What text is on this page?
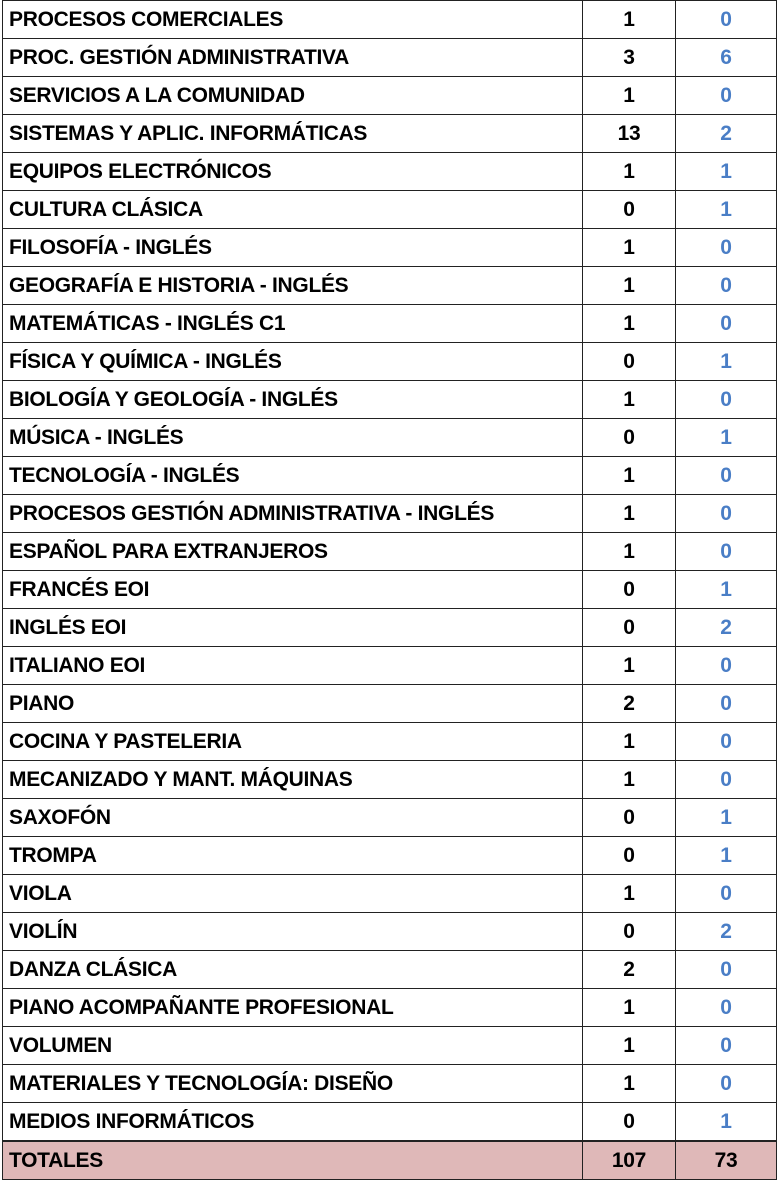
PROCESOS COMERCIALES	1	0
PROC. GESTIÓN ADMINISTRATIVA	3	6
SERVICIOS A LA COMUNIDAD	1	0
SISTEMAS Y APLIC. INFORMÁTICAS	13	2
EQUIPOS ELECTRÓNICOS	1	1
CULTURA CLÁSICA	0	1
FILOSOFÍA - INGLÉS	1	0
GEOGRAFÍA E HISTORIA - INGLÉS	1	0
MATEMÁTICAS - INGLÉS C1	1	0
FÍSICA Y QUÍMICA - INGLÉS	0	1
BIOLOGÍA Y GEOLOGÍA - INGLÉS	1	0
MÚSICA - INGLÉS	0	1
TECNOLOGÍA - INGLÉS	1	0
PROCESOS GESTIÓN ADMINISTRATIVA - INGLÉS	1	0
ESPAÑOL PARA EXTRANJEROS	1	0
FRANCÉS EOI	0	1
INGLÉS EOI	0	2
ITALIANO EOI	1	0
PIANO	2	0
COCINA Y PASTELERIA	1	0
MECANIZADO Y MANT. MÁQUINAS	1	0
SAXOFÓN	0	1
TROMPA	0	1
VIOLA	1	0
VIOLÍN	0	2
DANZA CLÁSICA	2	0
PIANO ACOMPAÑANTE PROFESIONAL	1	0
VOLUMEN	1	0
MATERIALES Y TECNOLOGÍA: DISEÑO	1	0
MEDIOS INFORMÁTICOS	0	1
TOTALES	107	73
